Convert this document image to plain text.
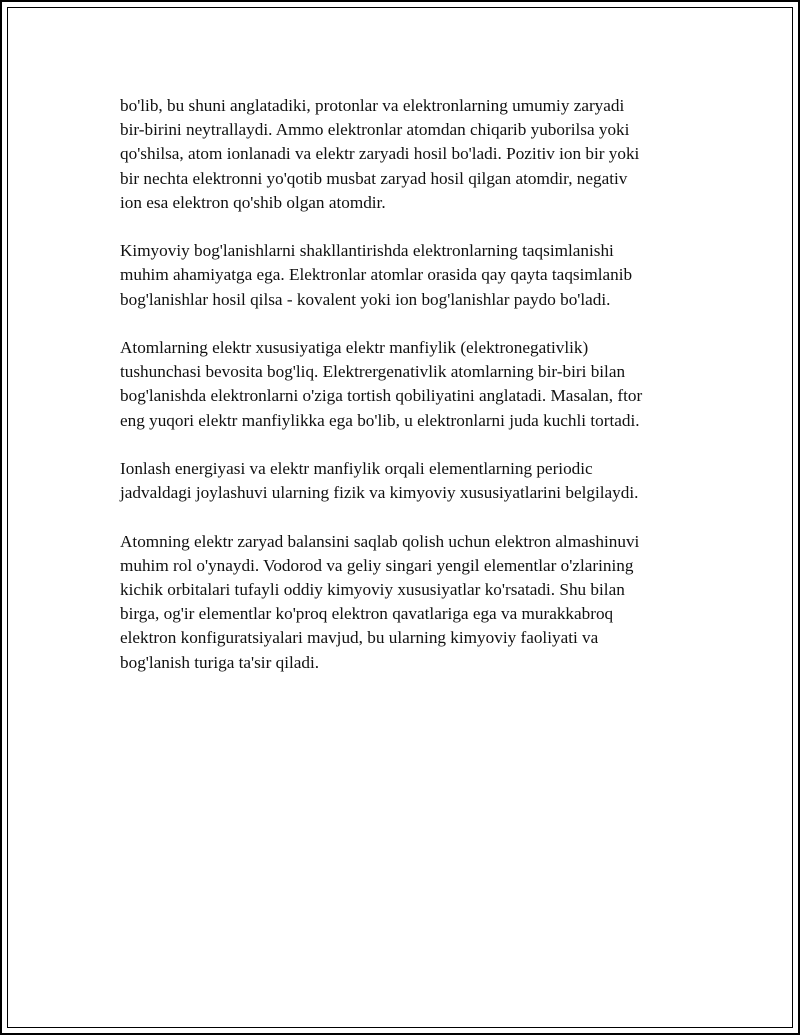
bo'lib, bu shuni anglatadiki, protonlar va elektronlarning umumiy zaryadi
bir-birini neytrallaydi. Ammo elektronlar atomdan chiqarib yuborilsa yoki
qo'shilsa, atom ionlanadi va elektr zaryadi hosil bo'ladi. Pozitiv ion bir yoki
bir nechta elektronni yo'qotib musbat zaryad hosil qilgan atomdir, negativ
ion esa elektron qo'shib olgan atomdir.

Kimyoviy bog'lanishlarni shakllantirishda elektronlarning taqsimlanishi
muhim ahamiyatga ega. Elektronlar atomlar orasida qay qayta taqsimlanib
bog'lanishlar hosil qilsa - kovalent yoki ion bog'lanishlar paydo bo'ladi.

Atomlarning elektr xususiyatiga elektr manfiylik (elektronegativlik)
tushunchasi bevosita bog'liq. Elektrergenativlik atomlarning bir-biri bilan
bog'lanishda elektronlarni o'ziga tortish qobiliyatini anglatadi. Masalan, ftor
eng yuqori elektr manfiylikka ega bo'lib, u elektronlarni juda kuchli tortadi.

Ionlash energiyasi va elektr manfiylik orqali elementlarning periodic
jadvaldagi joylashuvi ularning fizik va kimyoviy xususiyatlarini belgilaydi.

Atomning elektr zaryad balansini saqlab qolish uchun elektron almashinuvi
muhim rol o'ynaydi. Vodorod va geliy singari yengil elementlar o'zlarining
kichik orbitalari tufayli oddiy kimyoviy xususiyatlar ko'rsatadi. Shu bilan
birga, og'ir elementlar ko'proq elektron qavatlariga ega va murakkabroq
elektron konfiguratsiyalari mavjud, bu ularning kimyoviy faoliyati va
bog'lanish turiga ta'sir qiladi.
